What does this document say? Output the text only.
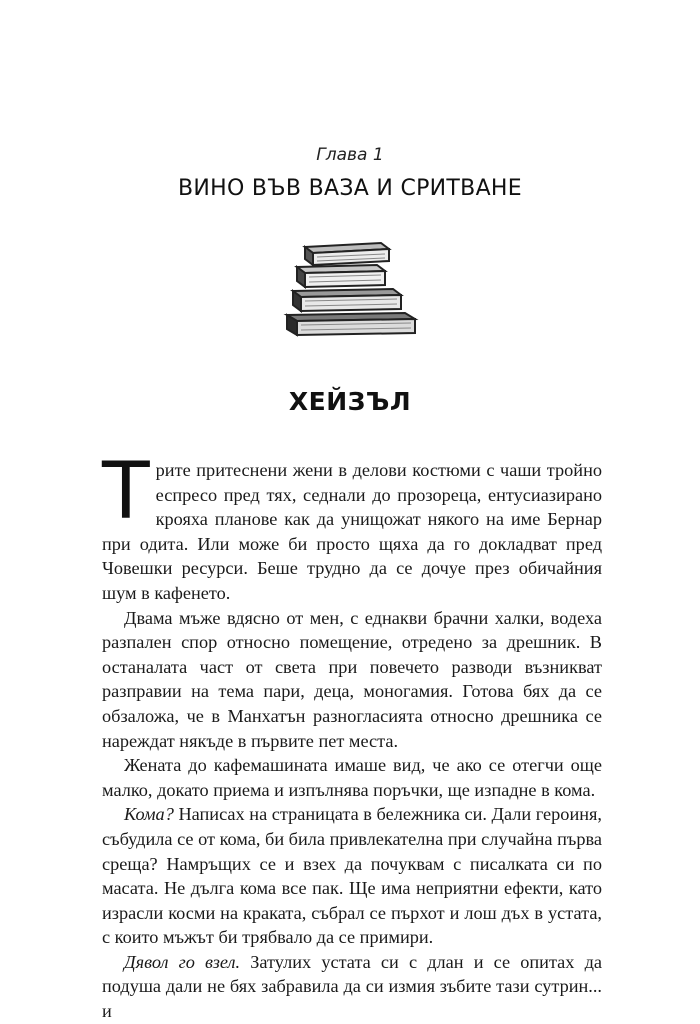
Глава 1
ВИНО ВЪВ ВАЗА И СРИТВАНЕ
ХЕЙЗЪЛ

Трите притеснени жени в делови костюми с чаши тройно еспресо пред тях, седнали до прозореца, ентусиазирано крояха планове как да унищожат някого на име Бернар при одита. Или може би просто щяха да го докладват пред Човешки ресурси. Беше трудно да се дочуе през обичайния шум в кафенето.

Двама мъже вдясно от мен, с еднакви брачни халки, водеха разпален спор относно помещение, отредено за дрешник. В останалата част от света при повечето разводи възникват разправии на тема пари, деца, моногамия. Готова бях да се обзаложа, че в Манхатън разногласията относно дрешника се нареждат някъде в първите пет места.

Жената до кафемашината имаше вид, че ако се отегчи още малко, докато приема и изпълнява поръчки, ще изпадне в кома.

Кома? Написах на страницата в бележника си. Дали героиня, събудила се от кома, би била привлекателна при случайна първа среща? Намръщих се и взех да почуквам с писалката си по масата. Не дълга кома все пак. Ще има неприятни ефекти, като израсли косми на краката, събрал се пърхот и лош дъх в устата, с които мъжът би трябвало да се примири.

Дявол го взел. Затулих устата си с длан и се опитах да подуша дали не бях забравила да си измия зъбите тази сутрин... и
